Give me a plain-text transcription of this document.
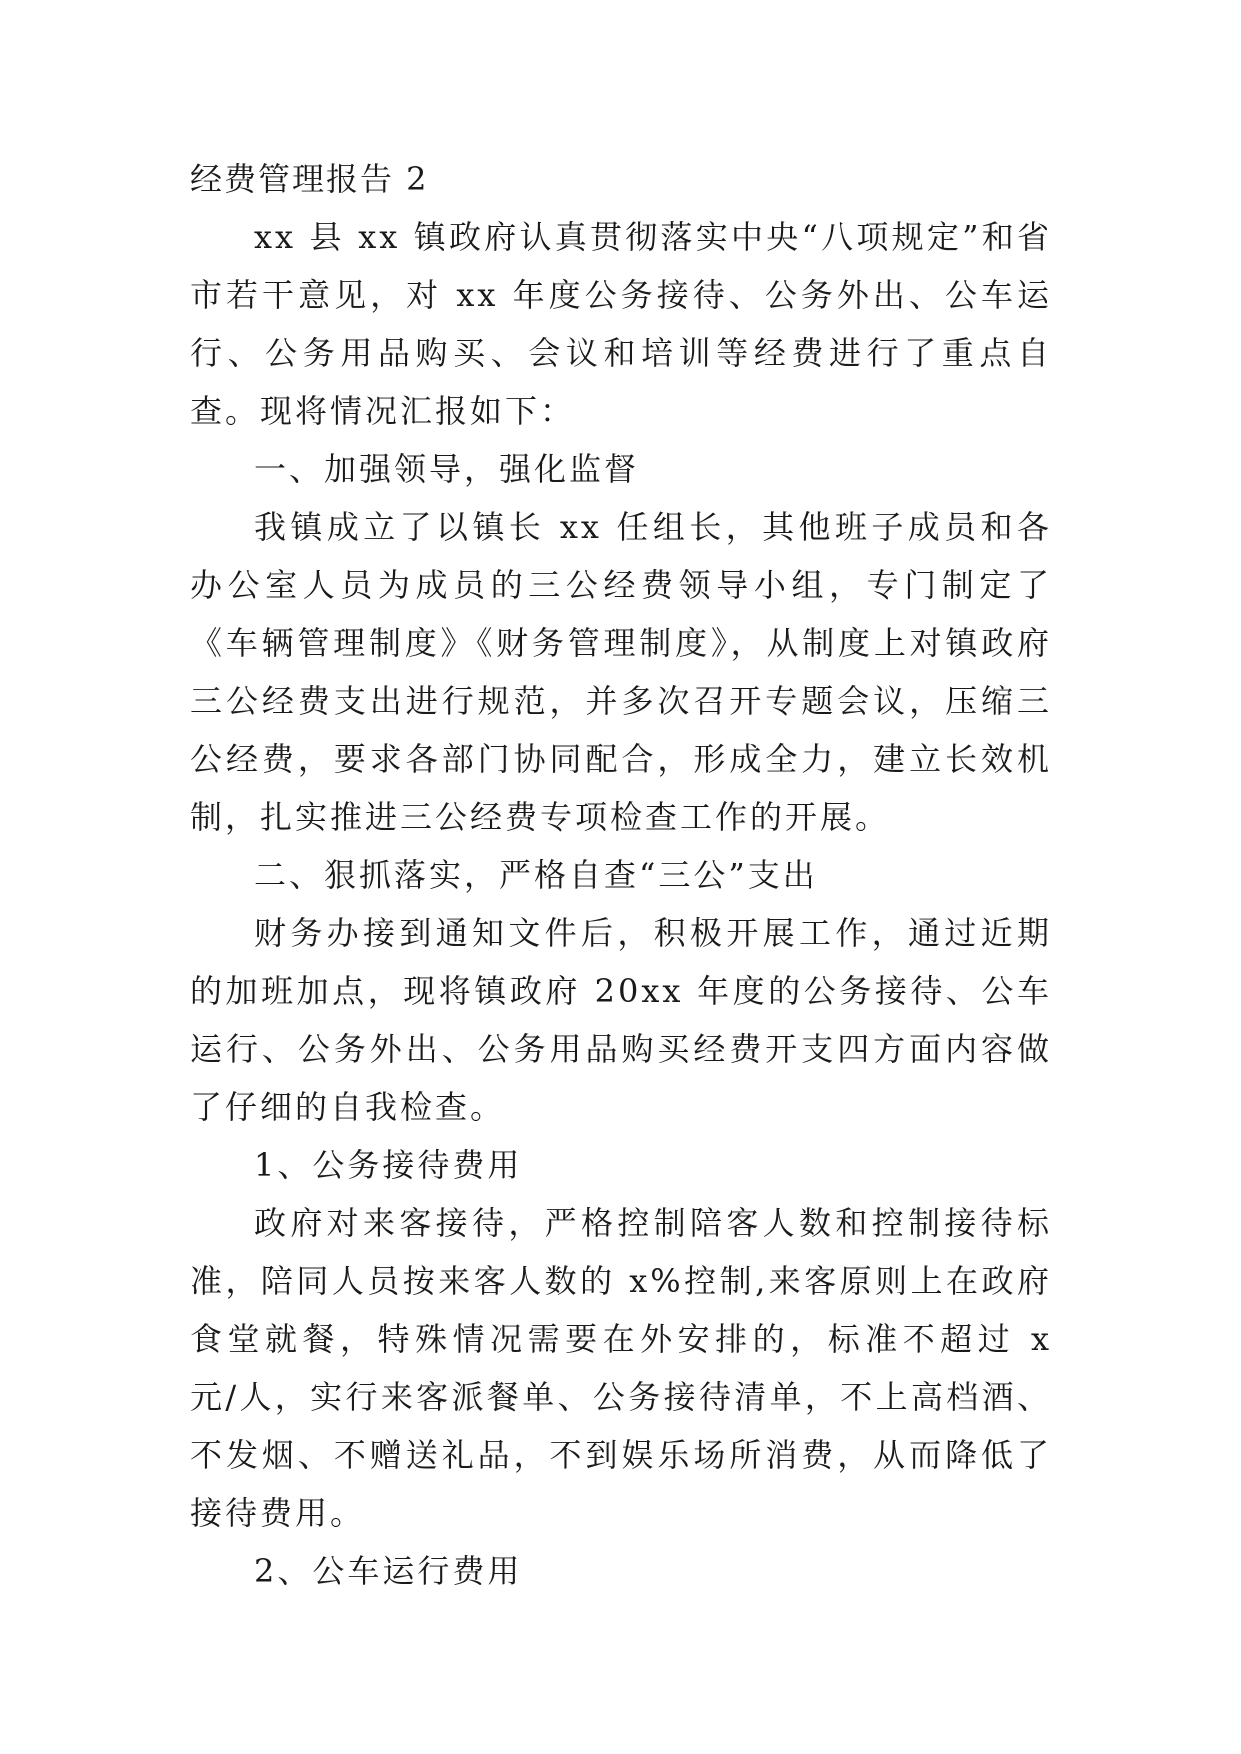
经费管理报告 2

xx 县 xx 镇政府认真贯彻落实中央“八项规定”和省市若干意见，对 xx 年度公务接待、公务外出、公车运行、公务用品购买、会议和培训等经费进行了重点自查。现将情况汇报如下：

一、加强领导，强化监督

我镇成立了以镇长 xx 任组长，其他班子成员和各办公室人员为成员的三公经费领导小组，专门制定了《车辆管理制度》《财务管理制度》，从制度上对镇政府三公经费支出进行规范，并多次召开专题会议，压缩三公经费，要求各部门协同配合，形成全力，建立长效机制，扎实推进三公经费专项检查工作的开展。

二、狠抓落实，严格自查“三公”支出

财务办接到通知文件后，积极开展工作，通过近期的加班加点，现将镇政府 20xx 年度的公务接待、公车运行、公务外出、公务用品购买经费开支四方面内容做了仔细的自我检查。

1、公务接待费用

政府对来客接待，严格控制陪客人数和控制接待标准，陪同人员按来客人数的 x%控制,来客原则上在政府食堂就餐，特殊情况需要在外安排的，标准不超过 x 元/人，实行来客派餐单、公务接待清单，不上高档酒、不发烟、不赠送礼品，不到娱乐场所消费，从而降低了接待费用。

2、公车运行费用
